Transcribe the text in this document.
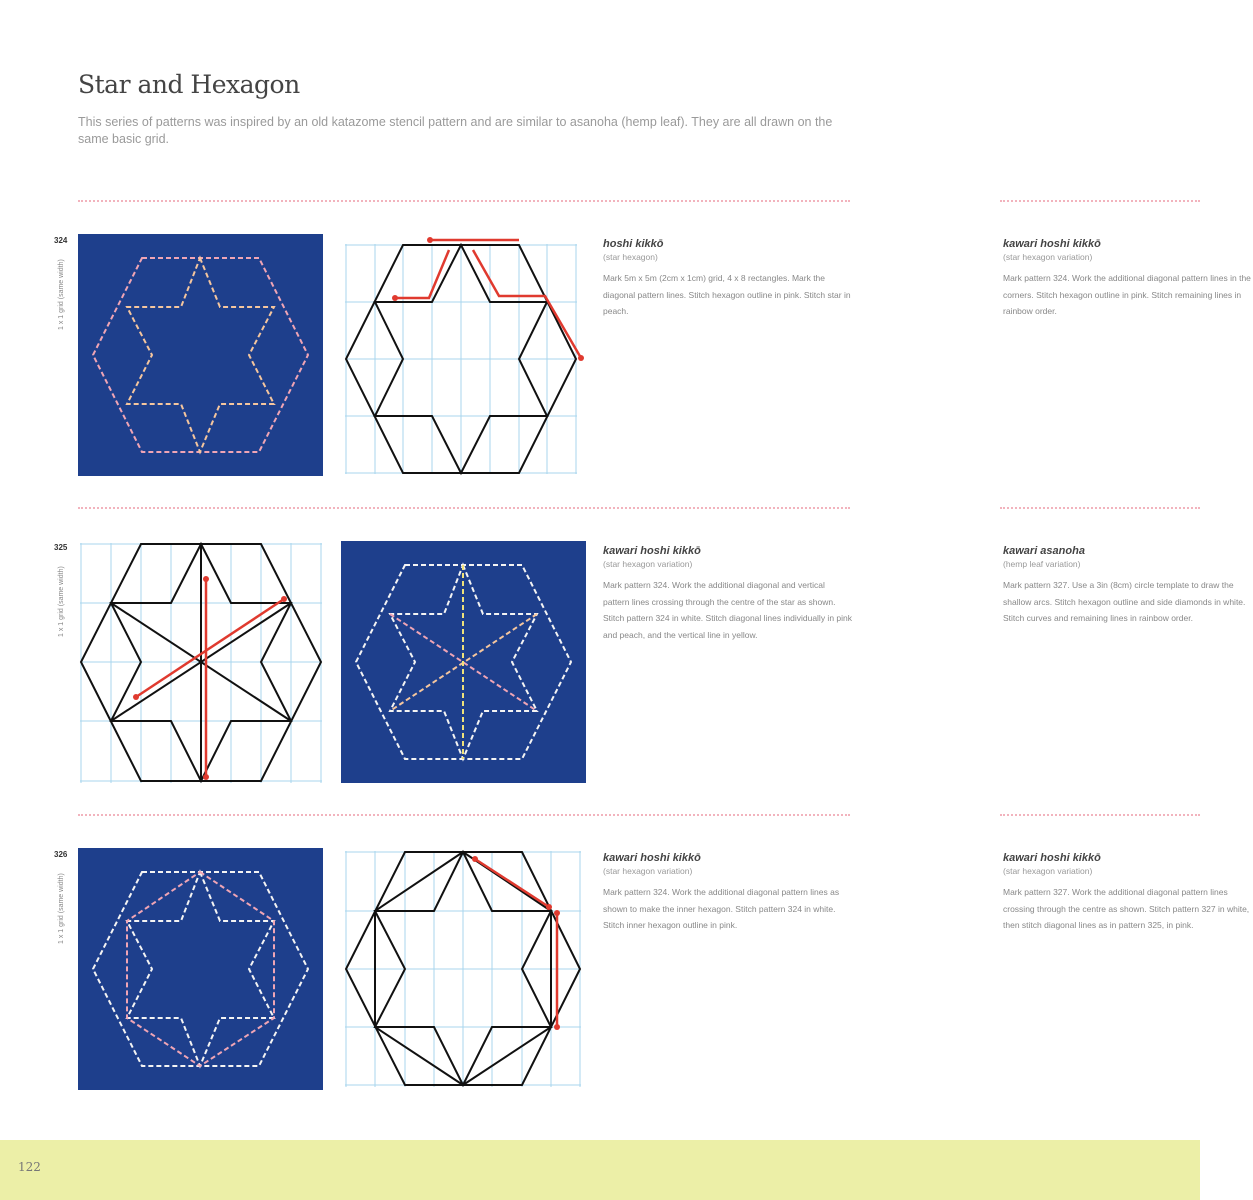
Star and Hexagon
This series of patterns was inspired by an old katazome stencil pattern and are similar to asanoha (hemp leaf). They are all drawn on the same basic grid.
324
1 x 1 grid (same width)
hoshi kikkō
(star hexagon)
Mark 5m x 5m (2cm x 1cm) grid, 4 x 8 rectangles. Mark the diagonal pattern lines. Stitch hexagon outline in pink. Stitch star in peach.
kawari hoshi kikkō
(star hexagon variation)
Mark pattern 324. Work the additional diagonal pattern lines in the corners. Stitch hexagon outline in pink. Stitch remaining lines in rainbow order.
325
1 x 1 grid (same width)
kawari hoshi kikkō
(star hexagon variation)
Mark pattern 324. Work the additional diagonal and vertical pattern lines crossing through the centre of the star as shown. Stitch pattern 324 in white. Stitch diagonal lines individually in pink and peach, and the vertical line in yellow.
kawari asanoha
(hemp leaf variation)
Mark pattern 327. Use a 3in (8cm) circle template to draw the shallow arcs. Stitch hexagon outline and side diamonds in white. Stitch curves and remaining lines in rainbow order.
326
1 x 1 grid (same width)
kawari hoshi kikkō
(star hexagon variation)
Mark pattern 324. Work the additional diagonal pattern lines as shown to make the inner hexagon. Stitch pattern 324 in white. Stitch inner hexagon outline in pink.
kawari hoshi kikkō
(star hexagon variation)
Mark pattern 327. Work the additional diagonal pattern lines crossing through the centre as shown. Stitch pattern 327 in white, then stitch diagonal lines as in pattern 325, in pink.
122
